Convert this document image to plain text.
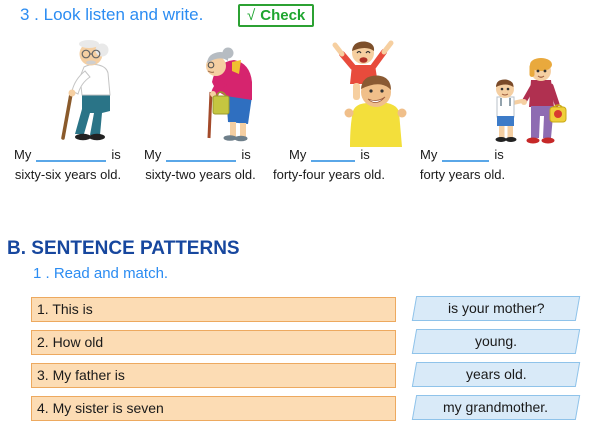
3 . Look listen and write.	√ Check
My	is My	is	My	is	My	is
sixty-six years old.	sixty-two years old.	forty-four years old.	forty years old.
B. SENTENCE PATTERNS
1 . Read and match.
1. This is
2. How old
3. My father is
4. My sister is seven
is your mother?
young.
years old.
my grandmother.
